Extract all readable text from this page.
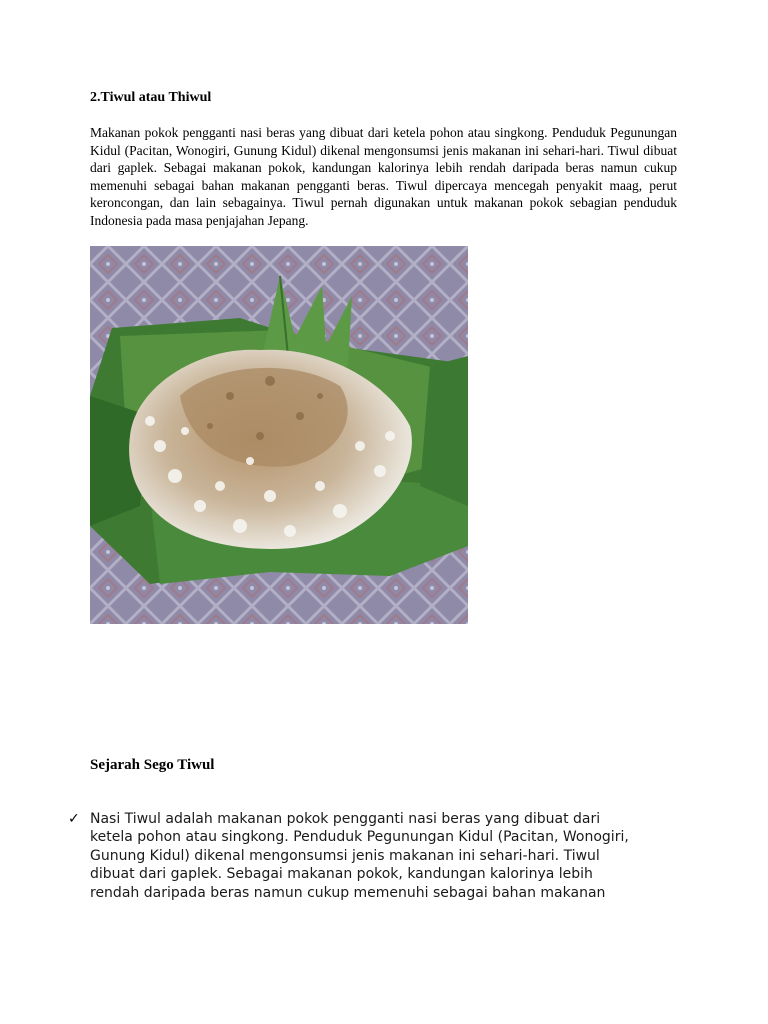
2.Tiwul atau Thiwul
Makanan pokok pengganti nasi beras yang dibuat dari ketela pohon atau singkong. Penduduk Pegunungan Kidul (Pacitan, Wonogiri, Gunung Kidul) dikenal mengonsumsi jenis makanan ini sehari-hari. Tiwul dibuat dari gaplek. Sebagai makanan pokok, kandungan kalorinya lebih rendah daripada beras namun cukup memenuhi sebagai bahan makanan pengganti beras. Tiwul dipercaya mencegah penyakit maag, perut keroncongan, dan lain sebagainya. Tiwul pernah digunakan untuk makanan pokok sebagian penduduk Indonesia pada masa penjajahan Jepang.
Sejarah Sego Tiwul
✓ Nasi Tiwul adalah makanan pokok pengganti nasi beras yang dibuat dari
ketela pohon atau singkong. Penduduk Pegunungan Kidul (Pacitan, Wonogiri,
Gunung Kidul) dikenal mengonsumsi jenis makanan ini sehari-hari. Tiwul
dibuat dari gaplek. Sebagai makanan pokok, kandungan kalorinya lebih
rendah daripada beras namun cukup memenuhi sebagai bahan makanan
